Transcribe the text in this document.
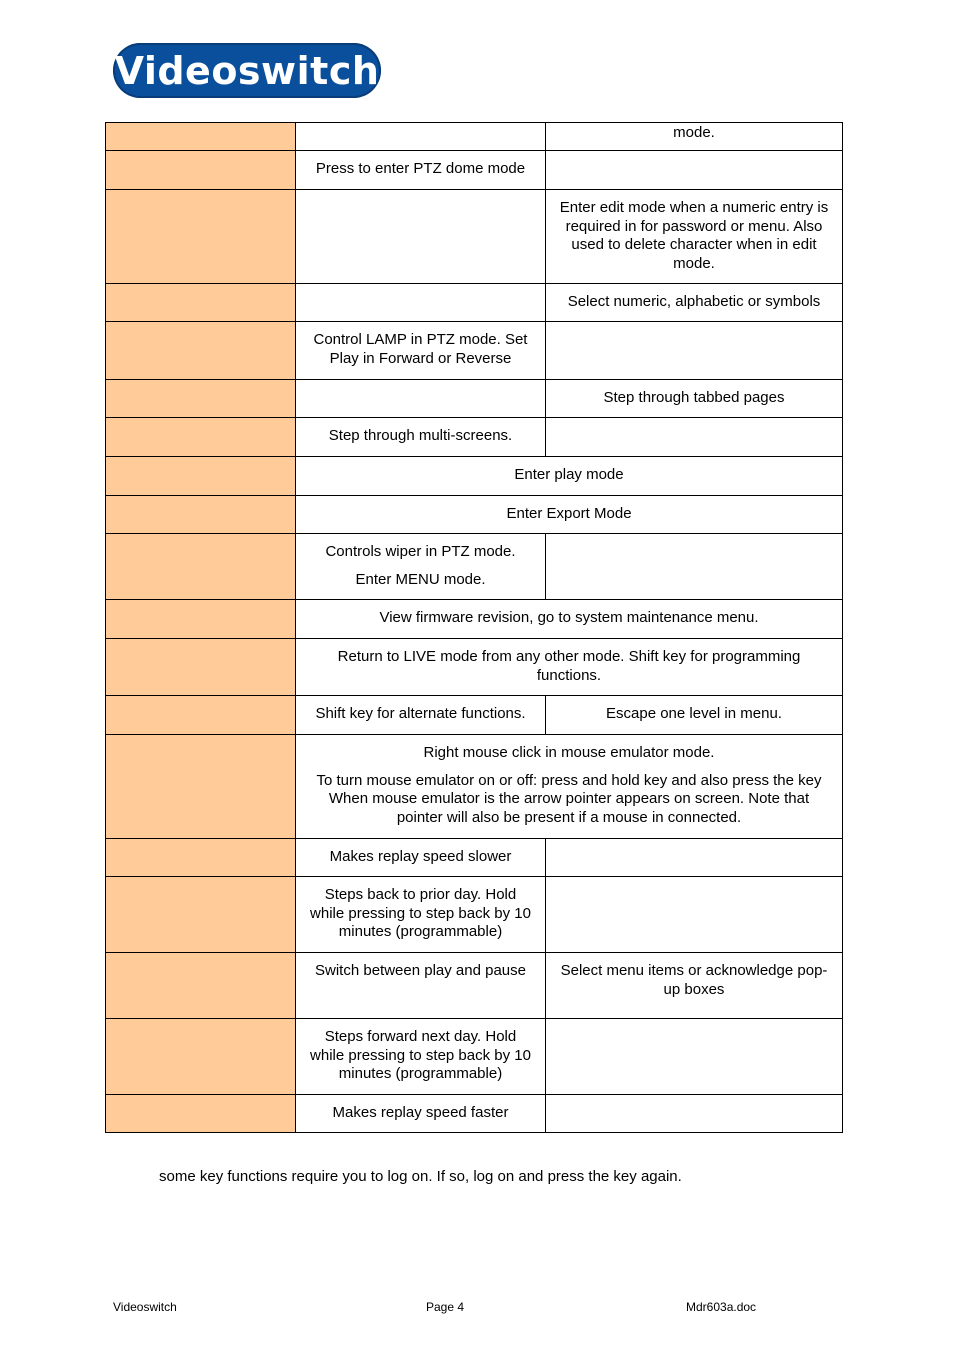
Videoswitch
		mode.
	Press to enter PTZ dome mode	
		Enter edit mode when a numeric entry is required in for password or menu. Also used to delete character when in edit mode.
		Select numeric, alphabetic or symbols
	Control LAMP in PTZ mode. Set Play in Forward or Reverse	
		Step through tabbed pages
	Step through multi-screens.	
	Enter play mode	
	Enter Export Mode	

	Controls wiper in PTZ mode.

Enter MENU mode.	

	View firmware revision, go to system maintenance menu.	
	Return to LIVE mode from any other mode. Shift key for programming functions.	
	Shift key for alternate functions.	Escape one level in menu.

	Right mouse click in mouse emulator mode.

To turn mouse emulator on or off: press and hold key and also press the key When mouse emulator is the arrow pointer appears on screen. Note that pointer will also be present if a mouse in connected.	

	Makes replay speed slower	
	Steps back to prior day. Hold while pressing to step back by 10 minutes (programmable)	
	Switch between play and pause	Select menu items or acknowledge pop-up boxes
	Steps forward next day. Hold while pressing to step back by 10 minutes (programmable)	
	Makes replay speed faster	
some key functions require you to log on. If so, log on and press the key again.
Videoswitch	Page 4	Mdr603a.doc
